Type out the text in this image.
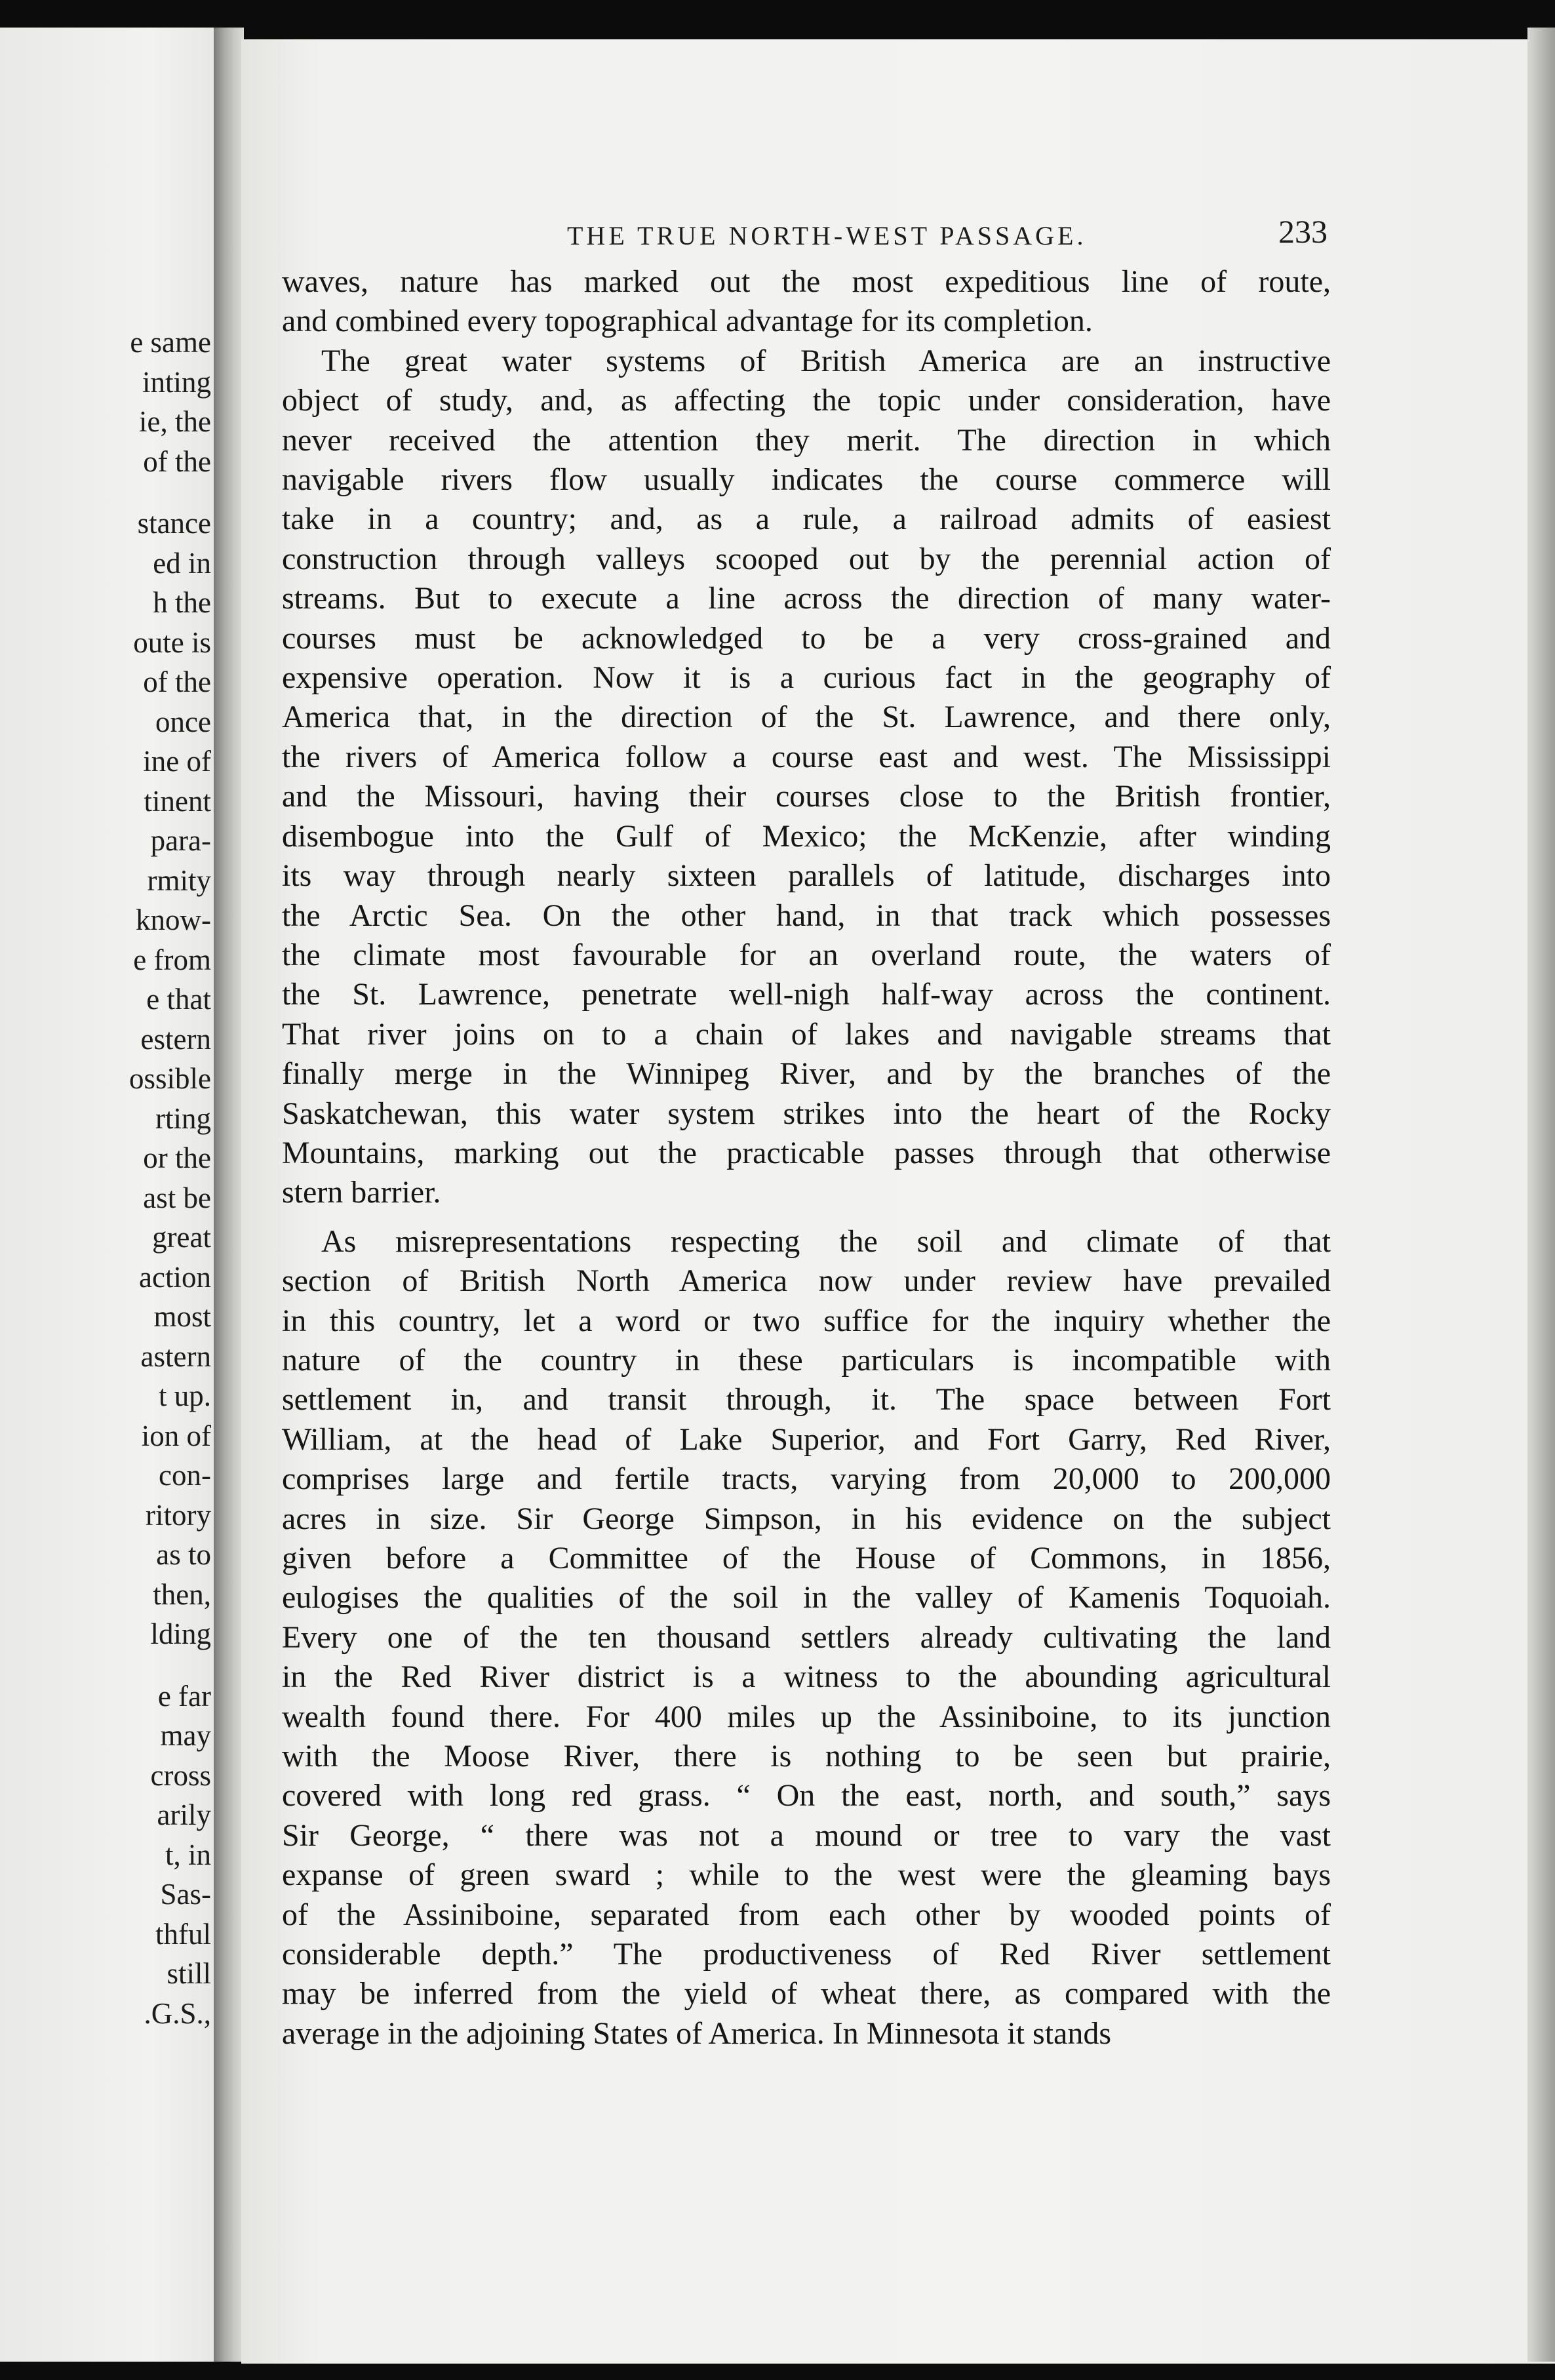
e same
inting
ie, the
of the
stance
ed in
h the
oute is
of the
once
ine of
tinent
para-
rmity
know-
e from
e that
estern
ossible
rting
or the
ast be
great
action
most
astern
t up.
ion of
con-
ritory
as to
then,
lding
e far
may
cross
arily
t, in
Sas-
thful
still
.G.S.,
THE TRUE NORTH-WEST PASSAGE.	233
waves, nature has marked out the most expeditious line of route,
and combined every topographical advantage for its completion.
The great water systems of British America are an instructive
object of study, and, as affecting the topic under consideration, have
never received the attention they merit. The direction in which
navigable rivers flow usually indicates the course commerce will
take in a country; and, as a rule, a railroad admits of easiest
construction through valleys scooped out by the perennial action of
streams. But to execute a line across the direction of many water-
courses must be acknowledged to be a very cross-grained and
expensive operation. Now it is a curious fact in the geography of
America that, in the direction of the St. Lawrence, and there only,
the rivers of America follow a course east and west. The Mississippi
and the Missouri, having their courses close to the British frontier,
disembogue into the Gulf of Mexico; the McKenzie, after winding
its way through nearly sixteen parallels of latitude, discharges into
the Arctic Sea. On the other hand, in that track which possesses
the climate most favourable for an overland route, the waters of
the St. Lawrence, penetrate well-nigh half-way across the continent.
That river joins on to a chain of lakes and navigable streams that
finally merge in the Winnipeg River, and by the branches of the
Saskatchewan, this water system strikes into the heart of the Rocky
Mountains, marking out the practicable passes through that otherwise
stern barrier.
As misrepresentations respecting the soil and climate of that
section of British North America now under review have prevailed
in this country, let a word or two suffice for the inquiry whether the
nature of the country in these particulars is incompatible with
settlement in, and transit through, it. The space between Fort
William, at the head of Lake Superior, and Fort Garry, Red River,
comprises large and fertile tracts, varying from 20,000 to 200,000
acres in size. Sir George Simpson, in his evidence on the subject
given before a Committee of the House of Commons, in 1856,
eulogises the qualities of the soil in the valley of Kamenis Toquoiah.
Every one of the ten thousand settlers already cultivating the land
in the Red River district is a witness to the abounding agricultural
wealth found there. For 400 miles up the Assiniboine, to its junction
with the Moose River, there is nothing to be seen but prairie,
covered with long red grass. “ On the east, north, and south,” says
Sir George, “ there was not a mound or tree to vary the vast
expanse of green sward ; while to the west were the gleaming bays
of the Assiniboine, separated from each other by wooded points of
considerable depth.” The productiveness of Red River settlement
may be inferred from the yield of wheat there, as compared with the
average in the adjoining States of America. In Minnesota it stands
